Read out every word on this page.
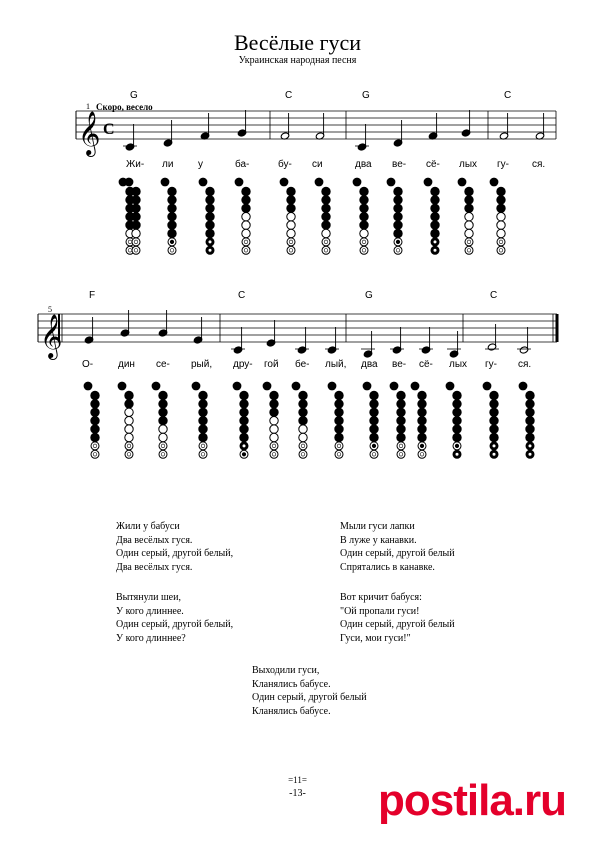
Весёлые гуси
Украинская народная песня
𝄞
1 Скоро, весело
C
G	C	G	C
Жи- ли у	ба-	бу- си	два ве- сё- лых гу- ся.
𝄞
5
F	C	G	C
О- дин се- рый, дру- гой бе- лый, два ве- сё- лых гу- ся.
Жили у бабуси
Два весёлых гуся.
Один серый, другой белый,
Два весёлых гуся.
Мыли гуси лапки
В луже у канавки.
Один серый, другой белый
Спрятались в канавке.
Вытянули шеи,
У кого длиннее.
Один серый, другой белый,
У кого длиннее?
Вот кричит бабуся:
"Ой пропали гуси!
Один серый, другой белый
Гуси, мои гуси!"
Выходили гуси,
Кланялись бабусе.
Один серый, другой белый
Кланялись бабусе.
=11=
-13-	postila.ru
